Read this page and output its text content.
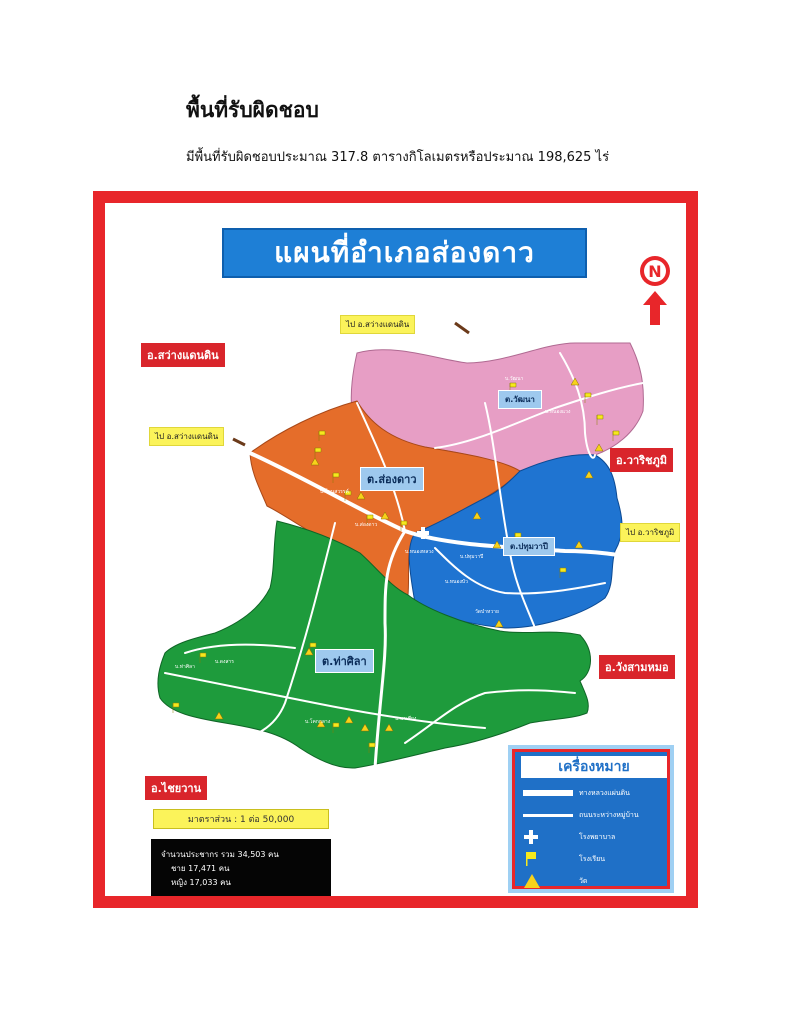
พื้นที่รับผิดชอบ
มีพื้นที่รับผิดชอบประมาณ 317.8 ตารางกิโลเมตรหรือประมาณ 198,625 ไร่
แผนที่อำเภอส่องดาว
N
อ.สว่างแดนดิน
อ.วาริชภูมิ
อ.วังสามหมอ
อ.ไชยวาน
ไป อ.สว่างแดนดิน
ไป อ.สว่างแดนดิน
ไป อ.วาริชภูมิ
ต.วัฒนา
ต.ส่องดาว
ต.ปทุมวาปี
ต.ท่าศิลา
บ.วัฒนา
บ.หนองแวง
บ.โนนสวรรค์
บ.ส่องดาว
บ.หนองหลวง
บ.ปทุมวาปี
บ.หนองบัว
วัดป่าหวาย
บ.ท่าศิลา
บ.ดงสาร
บ.โคกกลาง	บ.นาเพียง
มาตราส่วน : 1 ต่อ 50,000
จำนวนประชากร รวม 34,503 คน
ชาย 17,471 คน
หญิง 17,033 คน
เครื่องหมาย
ทางหลวงแผ่นดิน
ถนนระหว่างหมู่บ้าน
โรงพยาบาล
โรงเรียน
วัด
